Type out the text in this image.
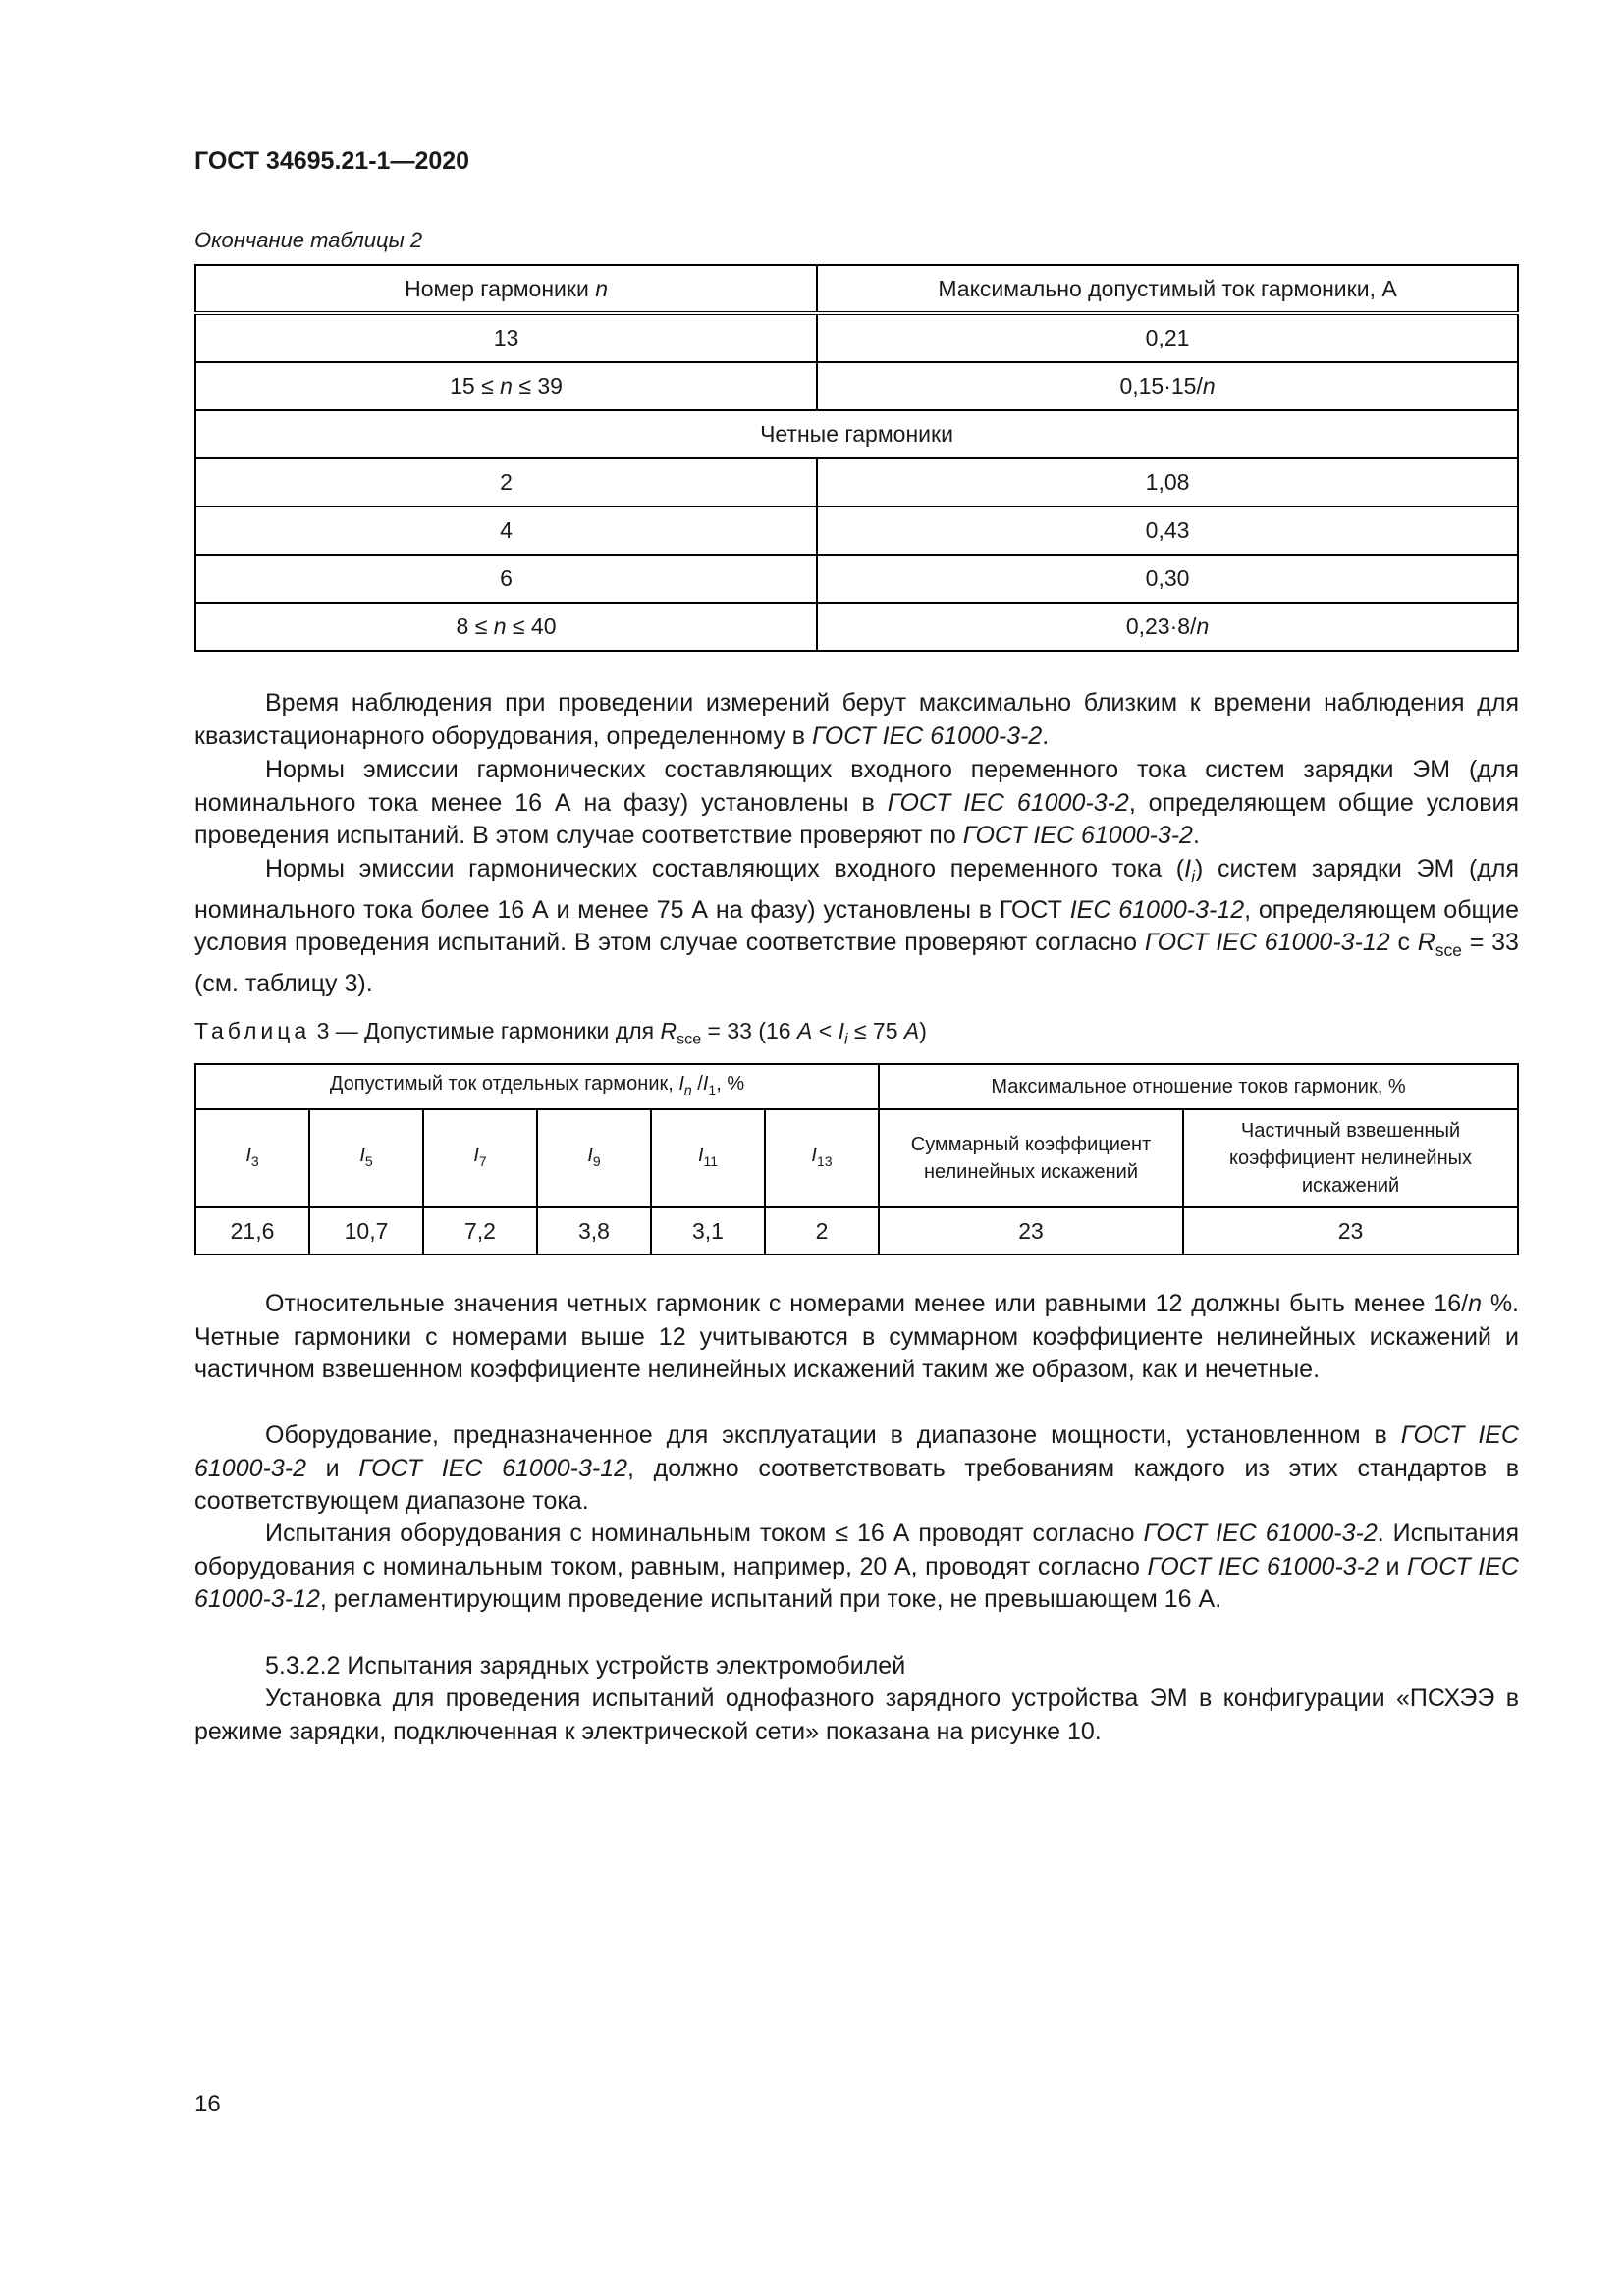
ГОСТ 34695.21-1—2020
Окончание таблицы 2
Номер гармоники n	Максимально допустимый ток гармоники, А
13	0,21
15 ≤ n ≤ 39	0,15·15/n
Четные гармоники	
2	1,08
4	0,43
6	0,30
8 ≤ n ≤ 40	0,23·8/n
Время наблюдения при проведении измерений берут максимально близким к времени наблюдения для квазистационарного оборудования, определенному в ГОСТ IEC 61000-3-2.
Нормы эмиссии гармонических составляющих входного переменного тока систем зарядки ЭМ (для номинального тока менее 16 А на фазу) установлены в ГОСТ IEC 61000-3-2, определяющем общие условия проведения испытаний. В этом случае соответствие проверяют по ГОСТ IEC 61000-3-2.
Нормы эмиссии гармонических составляющих входного переменного тока $(I_i)$ систем зарядки ЭМ (для номинального тока более 16 А и менее 75 А на фазу) установлены в ГОСТ IEC 61000-3-12, определяющем общие условия проведения испытаний. В этом случае соответствие проверяют согласно ГОСТ IEC 61000-3-12 с $R_{sce} = 33$ (см. таблицу 3).
Таблица 3 — Допустимые гармоники для $R_{sce} = 33$ (16 $А < I_i \le 75$ А)
Допустимый ток отдельных гармоник, $I_n$ $/I_1$, %						Максимальное отношение токов гармоник, %	
$I_3$	$I_5$	$I_7$	$I_9$	$I_{11}$	$I_{13}$	Суммарный коэффициент нелинейных искажений	Частичный взвешенный коэффициент нелинейных искажений
21,6	10,7	7,2	3,8	3,1	2	23	23
Относительные значения четных гармоник с номерами менее или равными 12 должны быть менее 16/n %. Четные гармоники с номерами выше 12 учитываются в суммарном коэффициенте нелинейных искажений и частичном взвешенном коэффициенте нелинейных искажений таким же образом, как и нечетные.
Оборудование, предназначенное для эксплуатации в диапазоне мощности, установленном в ГОСТ IEC 61000-3-2 и ГОСТ IEC 61000-3-12, должно соответствовать требованиям каждого из этих стандартов в соответствующем диапазоне тока.
Испытания оборудования с номинальным током ≤ 16 А проводят согласно ГОСТ IEC 61000-3-2. Испытания оборудования с номинальным током, равным, например, 20 А, проводят согласно ГОСТ IEC 61000-3-2 и ГОСТ IEC 61000-3-12, регламентирующим проведение испытаний при токе, не превышающем 16 А.
5.3.2.2 Испытания зарядных устройств электромобилей
Установка для проведения испытаний однофазного зарядного устройства ЭМ в конфигурации «ПСХЭЭ в режиме зарядки, подключенная к электрической сети» показана на рисунке 10.
16
